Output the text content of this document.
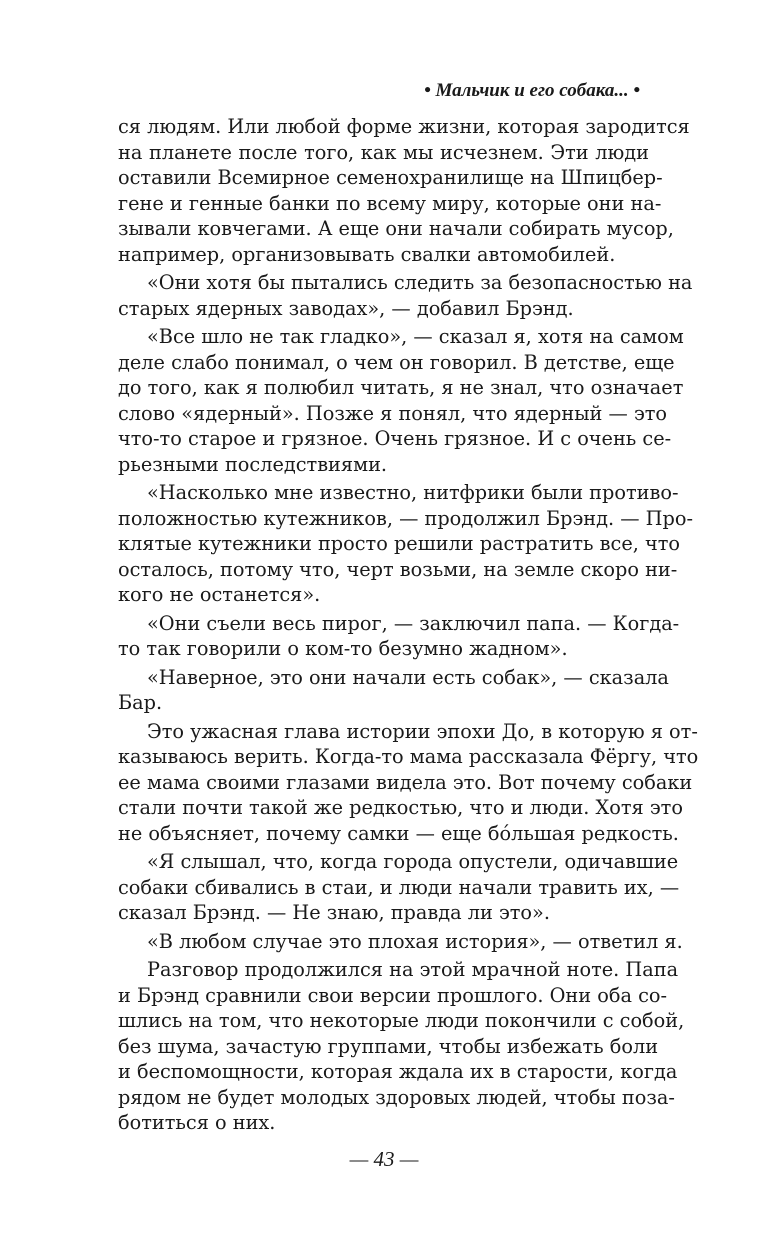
• Мальчик и его собака... •
ся людям. Или любой форме жизни, которая зародится
на планете после того, как мы исчезнем. Эти люди
оставили Всемирное семенохранилище на Шпицбер-
гене и генные банки по всему миру, которые они на-
зывали ковчегами. А еще они начали собирать мусор,
например, организовывать свалки автомобилей.
«Они хотя бы пытались следить за безопасностью на
старых ядерных заводах», — добавил Брэнд.
«Все шло не так гладко», — сказал я, хотя на самом
деле слабо понимал, о чем он говорил. В детстве, еще
до того, как я полюбил читать, я не знал, что означает
слово «ядерный». Позже я понял, что ядерный — это
что-то старое и грязное. Очень грязное. И с очень се-
рьезными последствиями.
«Насколько мне известно, нитфрики были противо-
положностью кутежников, — продолжил Брэнд. — Про-
клятые кутежники просто решили растратить все, что
осталось, потому что, черт возьми, на земле скоро ни-
кого не останется».
«Они съели весь пирог, — заключил папа. — Когда-
то так говорили о ком-то безумно жадном».
«Наверное, это они начали есть собак», — сказала
Бар.
Это ужасная глава истории эпохи До, в которую я от-
казываюсь верить. Когда-то мама рассказала Фёргу, что
ее мама своими глазами видела это. Вот почему собаки
стали почти такой же редкостью, что и люди. Хотя это
не объясняет, почему самки — еще бóльшая редкость.
«Я слышал, что, когда города опустели, одичавшие
собаки сбивались в стаи, и люди начали травить их, —
сказал Брэнд. — Не знаю, правда ли это».
«В любом случае это плохая история», — ответил я.
Разговор продолжился на этой мрачной ноте. Папа
и Брэнд сравнили свои версии прошлого. Они оба со-
шлись на том, что некоторые люди покончили с собой,
без шума, зачастую группами, чтобы избежать боли
и беспомощности, которая ждала их в старости, когда
рядом не будет молодых здоровых людей, чтобы поза-
ботиться о них.
— 43 —
